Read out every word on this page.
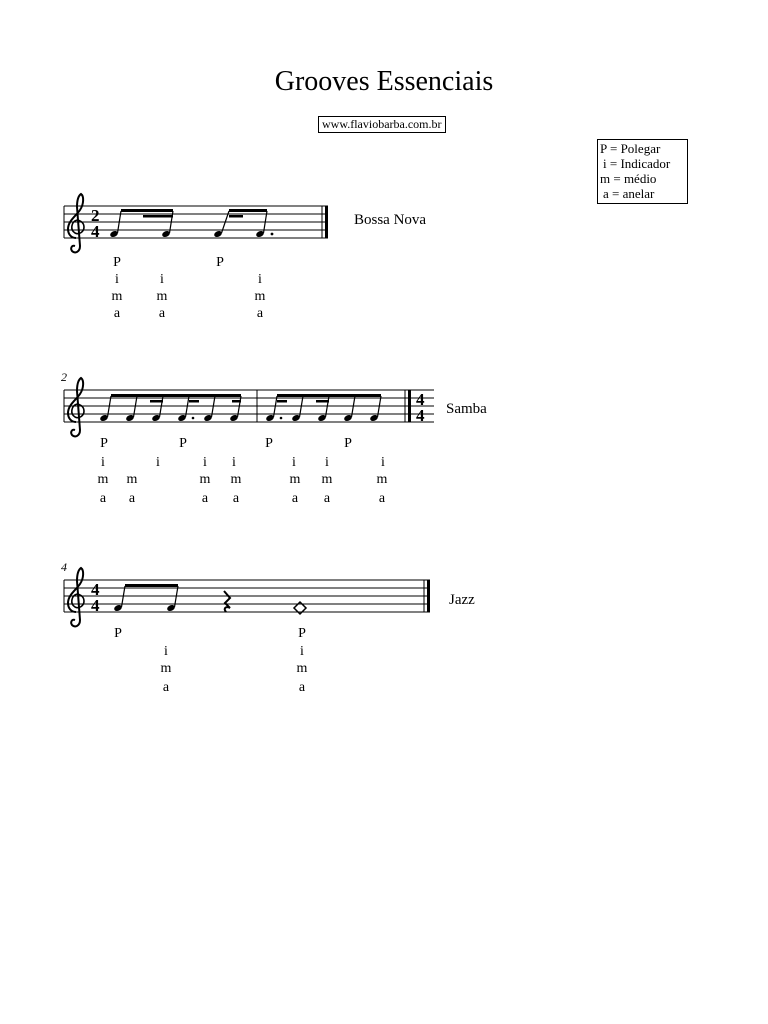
Grooves Essenciais
www.flaviobarba.com.br
P = Polegar
i = Indicador
m = médio
a = anelar
2
4
4
4
4
4
Bossa Nova
Samba
Jazz
2
4
P	P
i	i	i
m	m	m
a	a	a
P	P	P	P
i	i	i	i	i	i	i
m	m	m	m	m	m	m
a	a	a	a	a	a	a
P	P
i	i
m	m
a	a
